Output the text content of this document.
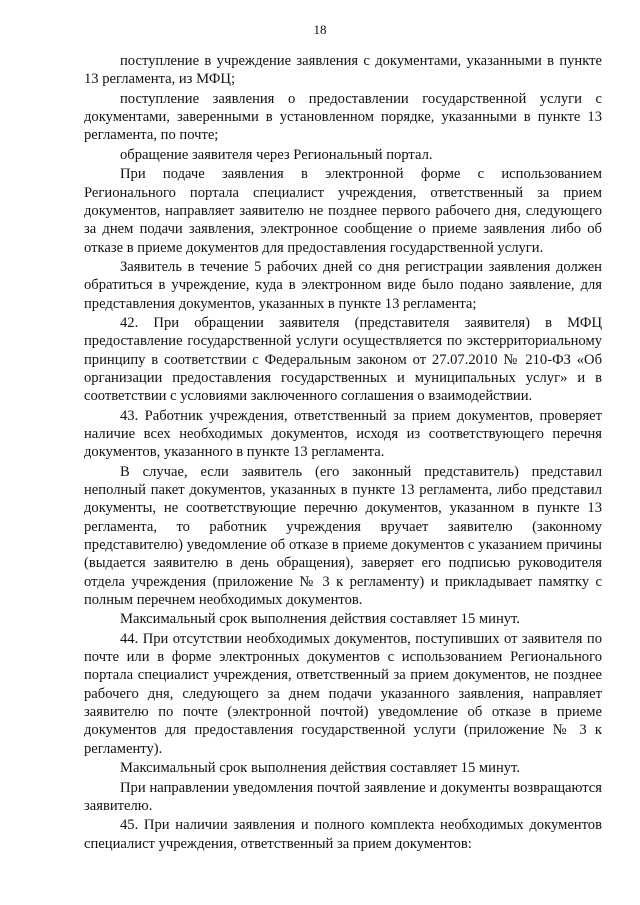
18

поступление в учреждение заявления с документами, указанными в пункте 13 регламента, из МФЦ;

поступление заявления о предоставлении государственной услуги с документами, заверенными в установленном порядке, указанными в пункте 13 регламента, по почте;

обращение заявителя через Региональный портал.

При подаче заявления в электронной форме с использованием Регионального портала специалист учреждения, ответственный за прием документов, направляет заявителю не позднее первого рабочего дня, следующего за днем подачи заявления, электронное сообщение о приеме заявления либо об отказе в приеме документов для предоставления государственной услуги.

Заявитель в течение 5 рабочих дней со дня регистрации заявления должен обратиться в учреждение, куда в электронном виде было подано заявление, для представления документов, указанных в пункте 13 регламента;

42. При обращении заявителя (представителя заявителя) в МФЦ предоставление государственной услуги осуществляется по экстерриториальному принципу в соответствии с Федеральным законом от 27.07.2010 № 210-ФЗ «Об организации предоставления государственных и муниципальных услуг» и в соответствии с условиями заключенного соглашения о взаимодействии.

43. Работник учреждения, ответственный за прием документов, проверяет наличие всех необходимых документов, исходя из соответствующего перечня документов, указанного в пункте 13 регламента.

В случае, если заявитель (его законный представитель) представил неполный пакет документов, указанных в пункте 13 регламента, либо представил документы, не соответствующие перечню документов, указанном в пункте 13 регламента, то работник учреждения вручает заявителю (законному представителю) уведомление об отказе в приеме документов с указанием причины (выдается заявителю в день обращения), заверяет его подписью руководителя отдела учреждения (приложение № 3 к регламенту) и прикладывает памятку с полным перечнем необходимых документов.

Максимальный срок выполнения действия составляет 15 минут.

44. При отсутствии необходимых документов, поступивших от заявителя по почте или в форме электронных документов с использованием Регионального портала специалист учреждения, ответственный за прием документов, не позднее рабочего дня, следующего за днем подачи указанного заявления, направляет заявителю по почте (электронной почтой) уведомление об отказе в приеме документов для предоставления государственной услуги (приложение № 3 к регламенту).

Максимальный срок выполнения действия составляет 15 минут.

При направлении уведомления почтой заявление и документы возвращаются заявителю.

45. При наличии заявления и полного комплекта необходимых документов специалист учреждения, ответственный за прием документов:
